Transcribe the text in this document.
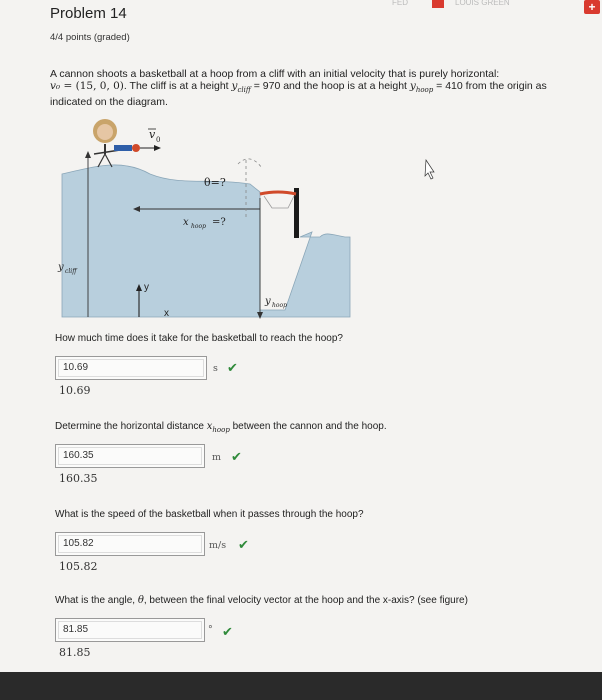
FED	LOUIS GREEN	+
Problem 14
4/4 points (graded)
A cannon shoots a basketball at a hoop from a cliff with an initial velocity that is purely horizontal:
v₀ = (15, 0, 0). The cliff is at a height $y_{cliff} = 970$ and the hoop is at a height $y_{hoop} = 410$ from the origin as
indicated on the diagram.
v 0
θ=?
x hoop =?
y cliff
y
x
y hoop
How much time does it take for the basketball to reach the hoop?
10.69	s ✔
10.69
Determine the horizontal distance $x_{hoop}$ between the cannon and the hoop.
160.35	m ✔
160.35
What is the speed of the basketball when it passes through the hoop?
105.82	m/s ✔
105.82
What is the angle, θ, between the final velocity vector at the hoop and the x-axis? (see figure)
81.85	° ✔
81.85
